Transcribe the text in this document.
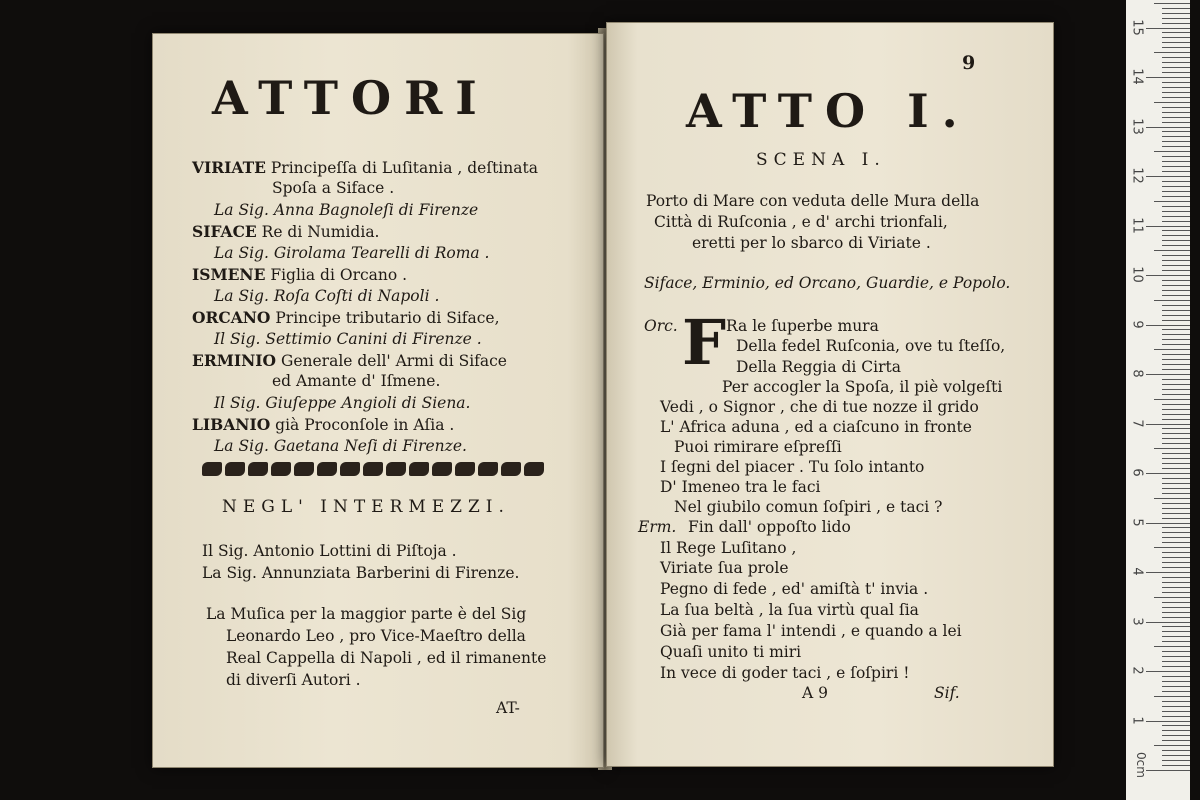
ATTORI
VIRIATE Principeſſa di Luſitania , deſtinata
Spoſa a Siface .
La Sig. Anna Bagnoleſi di Firenze
SIFACE Re di Numidia.
La Sig. Girolama Tearelli di Roma .
ISMENE Figlia di Orcano .
La Sig. Roſa Coſti di Napoli .
ORCANO Principe tributario di Siface,
Il Sig. Settimio Canini di Firenze .
ERMINIO Generale dell' Armi di Siface
ed Amante d' Iſmene.
Il Sig. Giuſeppe Angioli di Siena.
LIBANIO già Proconſole in Aſia .
La Sig. Gaetana Neſi di Firenze.
NEGL' INTERMEZZI.
Il Sig. Antonio Lottini di Piſtoja .
La Sig. Annunziata Barberini di Firenze.
La Muſica per la maggior parte è del Sig
Leonardo Leo , pro Vice-Maeſtro della
Real Cappella di Napoli , ed il rimanente
di diverſi Autori .
AT-
9
ATTO I.
SCENA I.
Porto di Mare con veduta delle Mura della
Città di Ruſconia , e d' archi trionfali,
eretti per lo sbarco di Viriate .
Siface, Erminio, ed Orcano, Guardie, e Popolo.
Orc. F Ra le ſuperbe mura
Della fedel Ruſconia, ove tu ſteſſo,
Della Reggia di Cirta
Per accogler la Spoſa, il piè volgeſti
Vedi , o Signor , che di tue nozze il grido
L' Africa aduna , ed a ciaſcuno in fronte
Puoi rimirare eſpreſſi
I ſegni del piacer . Tu ſolo intanto
D' Imeneo tra le faci
Nel giubilo comun ſoſpiri , e taci ?
Erm. Fin dall' oppoſto lido
Il Rege Luſitano ,
Viriate ſua prole
Pegno di fede , ed' amiſtà t' invia .
La ſua beltà , la ſua virtù qual ſia
Già per fama l' intendi , e quando a lei
Quaſi unito ti miri
In vece di goder taci , e ſoſpiri !
A 9	Sif.
0cm
1
2
3
4
5
6
7
8
9
10
11
12
13
14
15
